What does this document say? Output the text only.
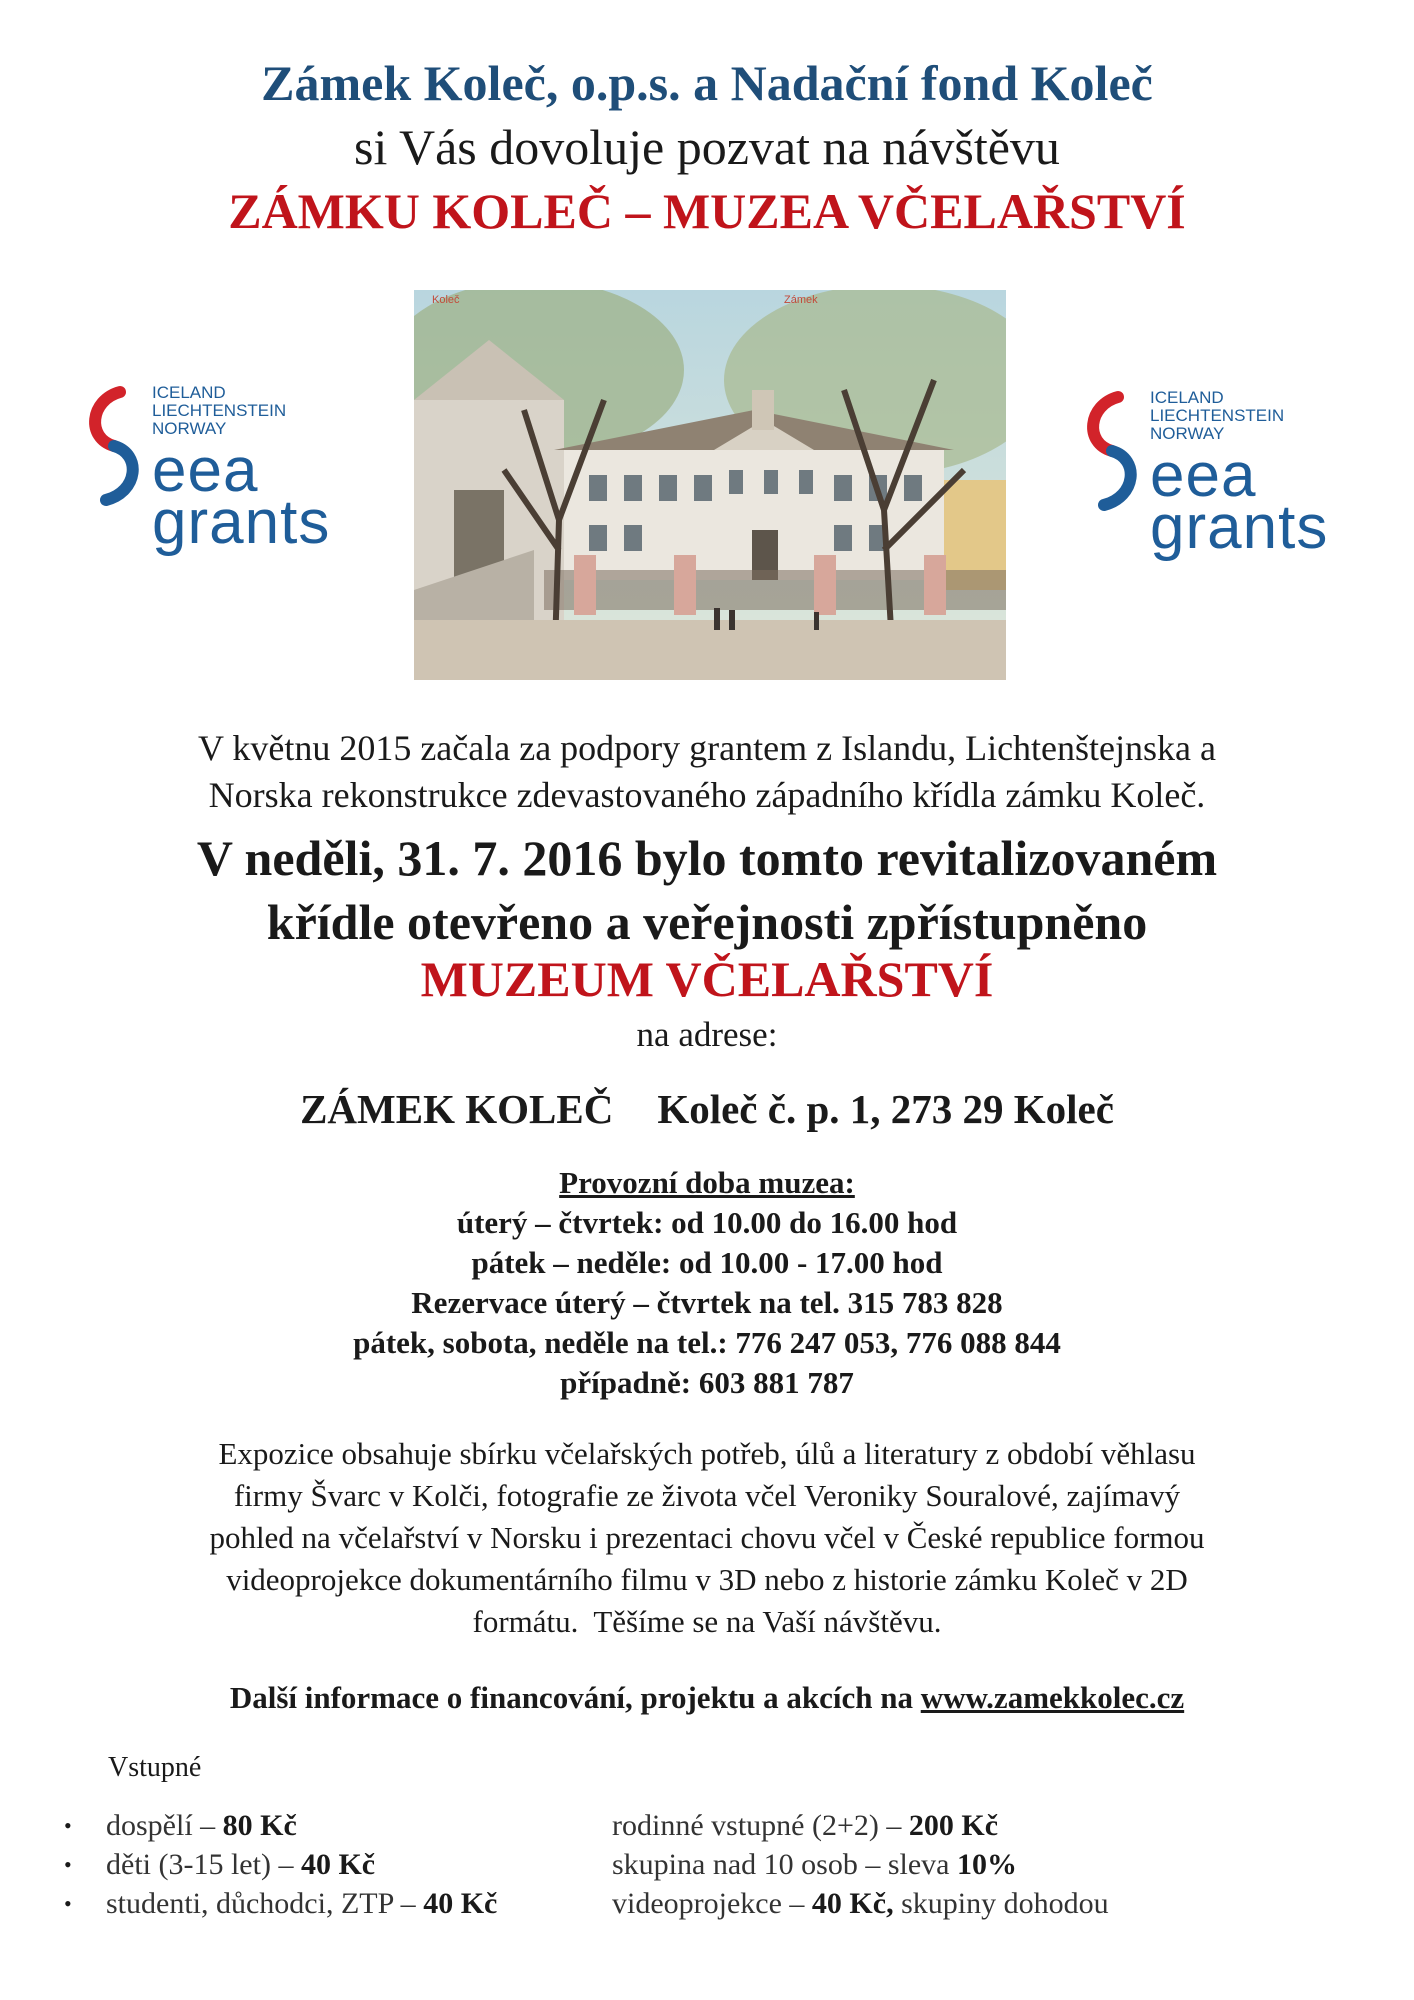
Zámek Koleč, o.p.s. a Nadační fond Koleč
si Vás dovoluje pozvat na návštěvu
ZÁMKU KOLEČ – MUZEA VČELAŘSTVÍ
ICELAND
LIECHTENSTEIN
NORWAY
eea
grants
Koleč	Zámek
ICELAND
LIECHTENSTEIN
NORWAY
eea
grants
V květnu 2015 začala za podpory grantem z Islandu, Lichtenštejnska a
Norska rekonstrukce zdevastovaného západního křídla zámku Koleč.
V neděli, 31. 7. 2016 bylo tomto revitalizovaném
křídle otevřeno a veřejnosti zpřístupněno
MUZEUM VČELAŘSTVÍ
na adrese:
ZÁMEK KOLEČ Koleč č. p. 1, 273 29 Koleč
Provozní doba muzea:
úterý – čtvrtek: od 10.00 do 16.00 hod
pátek – neděle: od 10.00 - 17.00 hod
Rezervace úterý – čtvrtek na tel. 315 783 828
pátek, sobota, neděle na tel.: 776 247 053, 776 088 844
případně: 603 881 787
Expozice obsahuje sbírku včelařských potřeb, úlů a literatury z období věhlasu
firmy Švarc v Kolči, fotografie ze života včel Veroniky Souralové, zajímavý
pohled na včelařství v Norsku i prezentaci chovu včel v České republice formou
videoprojekce dokumentárního filmu v 3D nebo z historie zámku Koleč v 2D
formátu.  Těšíme se na Vaší návštěvu.
Další informace o financování, projektu a akcích na www.zamekkolec.cz
Vstupné
• dospělí – 80 Kč
• děti (3-15 let) – 40 Kč
• studenti, důchodci, ZTP – 40 Kč
rodinné vstupné (2+2) – 200 Kč
skupina nad 10 osob – sleva 10%
videoprojekce – 40 Kč, skupiny dohodou
